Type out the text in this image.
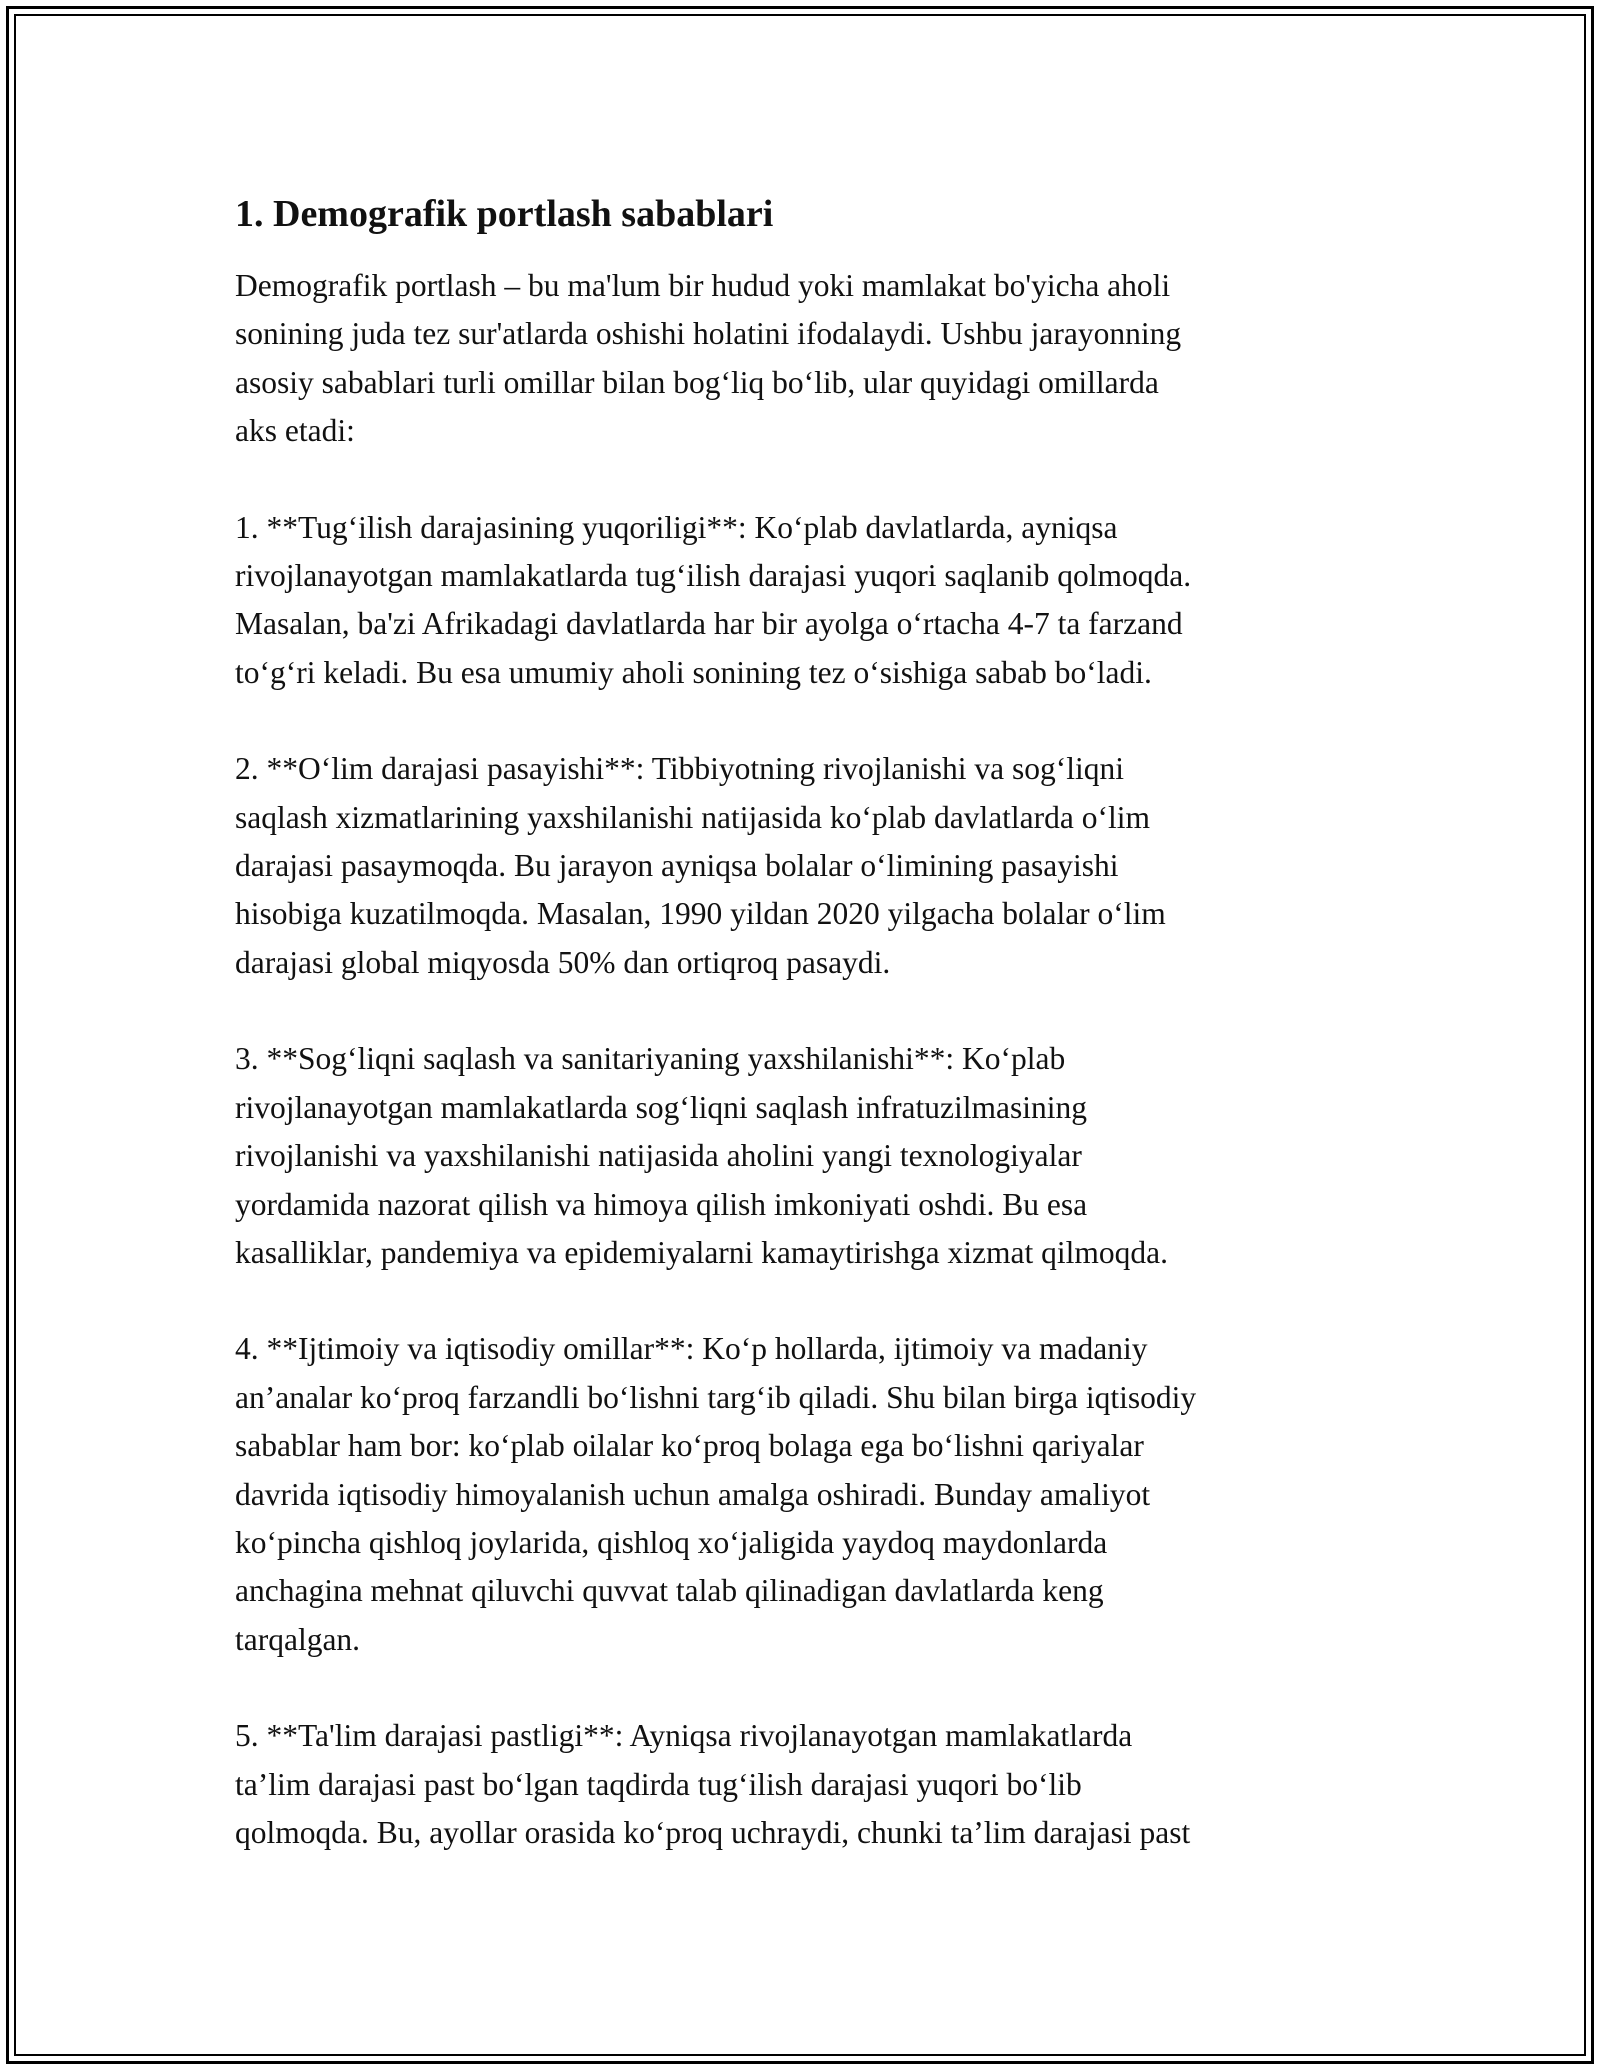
1. Demografik portlash sabablari

Demografik portlash – bu ma'lum bir hudud yoki mamlakat bo'yicha aholi
sonining juda tez sur'atlarda oshishi holatini ifodalaydi. Ushbu jarayonning
asosiy sabablari turli omillar bilan bog‘liq bo‘lib, ular quyidagi omillarda
aks etadi:

1. **Tug‘ilish darajasining yuqoriligi**: Ko‘plab davlatlarda, ayniqsa
rivojlanayotgan mamlakatlarda tug‘ilish darajasi yuqori saqlanib qolmoqda.
Masalan, ba'zi Afrikadagi davlatlarda har bir ayolga o‘rtacha 4-7 ta farzand
to‘g‘ri keladi. Bu esa umumiy aholi sonining tez o‘sishiga sabab bo‘ladi.

2. **O‘lim darajasi pasayishi**: Tibbiyotning rivojlanishi va sog‘liqni
saqlash xizmatlarining yaxshilanishi natijasida ko‘plab davlatlarda o‘lim
darajasi pasaymoqda. Bu jarayon ayniqsa bolalar o‘limining pasayishi
hisobiga kuzatilmoqda. Masalan, 1990 yildan 2020 yilgacha bolalar o‘lim
darajasi global miqyosda 50% dan ortiqroq pasaydi.

3. **Sog‘liqni saqlash va sanitariyaning yaxshilanishi**: Ko‘plab
rivojlanayotgan mamlakatlarda sog‘liqni saqlash infratuzilmasining
rivojlanishi va yaxshilanishi natijasida aholini yangi texnologiyalar
yordamida nazorat qilish va himoya qilish imkoniyati oshdi. Bu esa
kasalliklar, pandemiya va epidemiyalarni kamaytirishga xizmat qilmoqda.

4. **Ijtimoiy va iqtisodiy omillar**: Ko‘p hollarda, ijtimoiy va madaniy
an’analar ko‘proq farzandli bo‘lishni targ‘ib qiladi. Shu bilan birga iqtisodiy
sabablar ham bor: ko‘plab oilalar ko‘proq bolaga ega bo‘lishni qariyalar
davrida iqtisodiy himoyalanish uchun amalga oshiradi. Bunday amaliyot
ko‘pincha qishloq joylarida, qishloq xo‘jaligida yaydoq maydonlarda
anchagina mehnat qiluvchi quvvat talab qilinadigan davlatlarda keng
tarqalgan.

5. **Ta'lim darajasi pastligi**: Ayniqsa rivojlanayotgan mamlakatlarda
ta’lim darajasi past bo‘lgan taqdirda tug‘ilish darajasi yuqori bo‘lib
qolmoqda. Bu, ayollar orasida ko‘proq uchraydi, chunki ta’lim darajasi past
